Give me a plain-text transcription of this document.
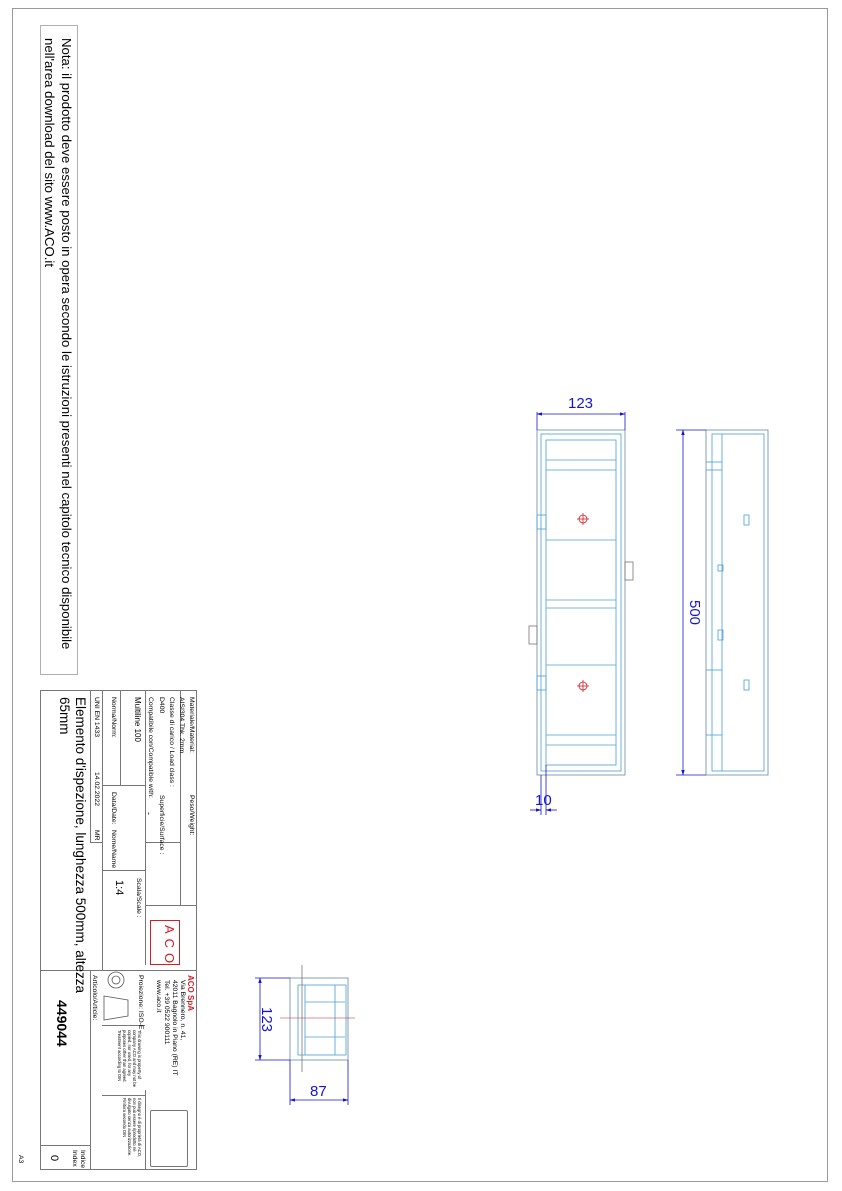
Nota: il prodotto deve essere posto in opera secondo le istruzioni presenti nel capitolo tecnico disponibile
nell'area download del sito www.ACO.it
Materiale/Material:
AISI304 Thk. 2mm
Classe di carico / Load class :
D400
Compatibile con/Compatible with:
Multiline 100
Norma/Norm:
UNI EN 1433
Peso/Weight:
Superficie/Surface :
-
Data/Date:
14.02.2022
Nome/Name
MR
Scala/Scale :
1:4
ACO
ACO SpA
Via Brennero, n. 41,
42011 Bagnolo in Piano (RE) IT
Tel. +39 0522 900111
www.aco.it
Proiezione: ISO-E
This drawing is property of company ACO and may not be copied, nor used, for any purposes other than agreed. Treatment according to DIN
Il disegno è di proprietà di ACO, non può essere riprodotto né divulgato senza autorizzazione. Finitura secondo DIN
Elemento d'ispezione, lunghezza 500mm, altezza
65mm
Articolo/Article:
449044
Indice
Index
0
A3
123
500
10
123
87
